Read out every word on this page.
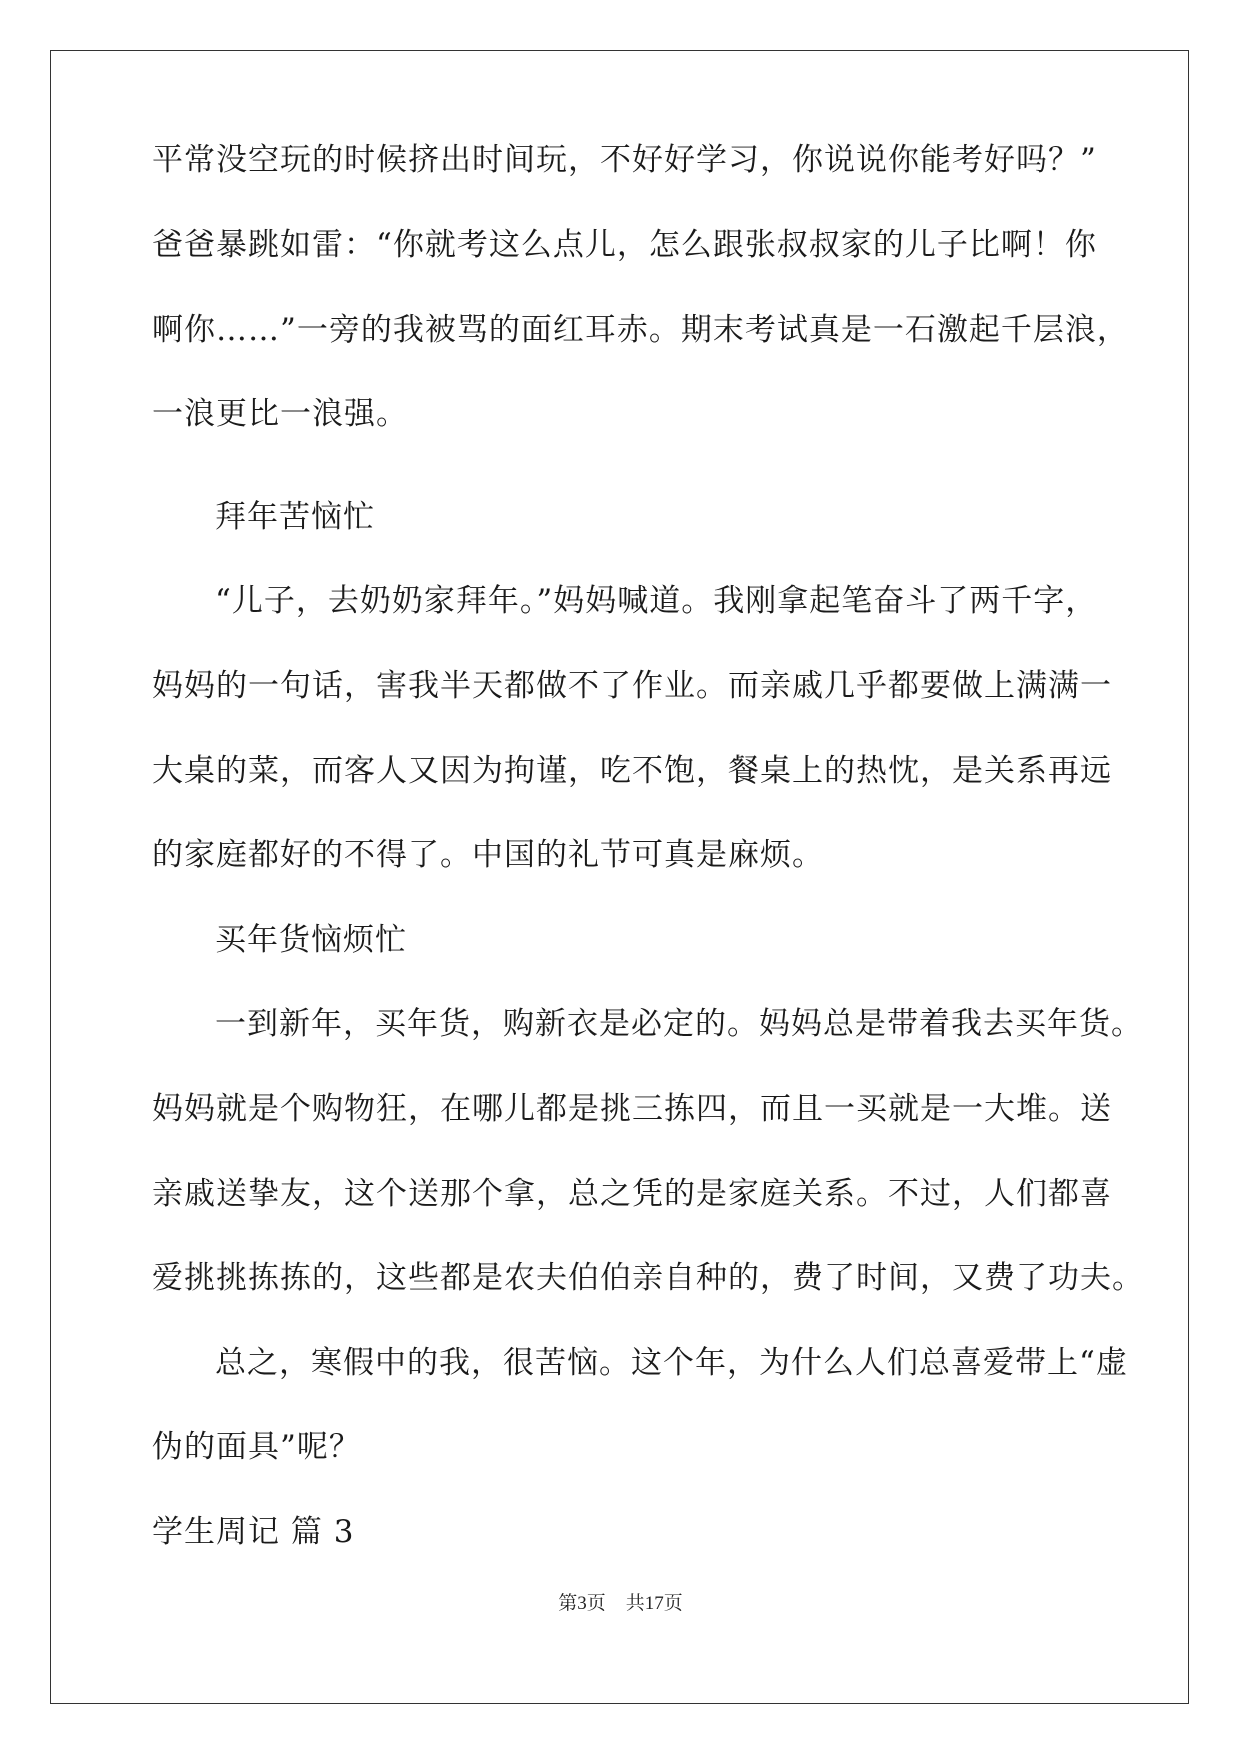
平常没空玩的时候挤出时间玩，不好好学习，你说说你能考好吗？”
爸爸暴跳如雷：“你就考这么点儿，怎么跟张叔叔家的儿子比啊！你
啊你……”一旁的我被骂的面红耳赤。期末考试真是一石激起千层浪，
一浪更比一浪强。
拜年苦恼忙
“儿子，去奶奶家拜年。”妈妈喊道。我刚拿起笔奋斗了两千字，
妈妈的一句话，害我半天都做不了作业。而亲戚几乎都要做上满满一
大桌的菜，而客人又因为拘谨，吃不饱，餐桌上的热忱，是关系再远
的家庭都好的不得了。中国的礼节可真是麻烦。
买年货恼烦忙
一到新年，买年货，购新衣是必定的。妈妈总是带着我去买年货。
妈妈就是个购物狂，在哪儿都是挑三拣四，而且一买就是一大堆。送
亲戚送挚友，这个送那个拿，总之凭的是家庭关系。不过，人们都喜
爱挑挑拣拣的，这些都是农夫伯伯亲自种的，费了时间，又费了功夫。
总之，寒假中的我，很苦恼。这个年，为什么人们总喜爱带上“虚
伪的面具”呢？
学生周记 篇 3
第3页 共17页
